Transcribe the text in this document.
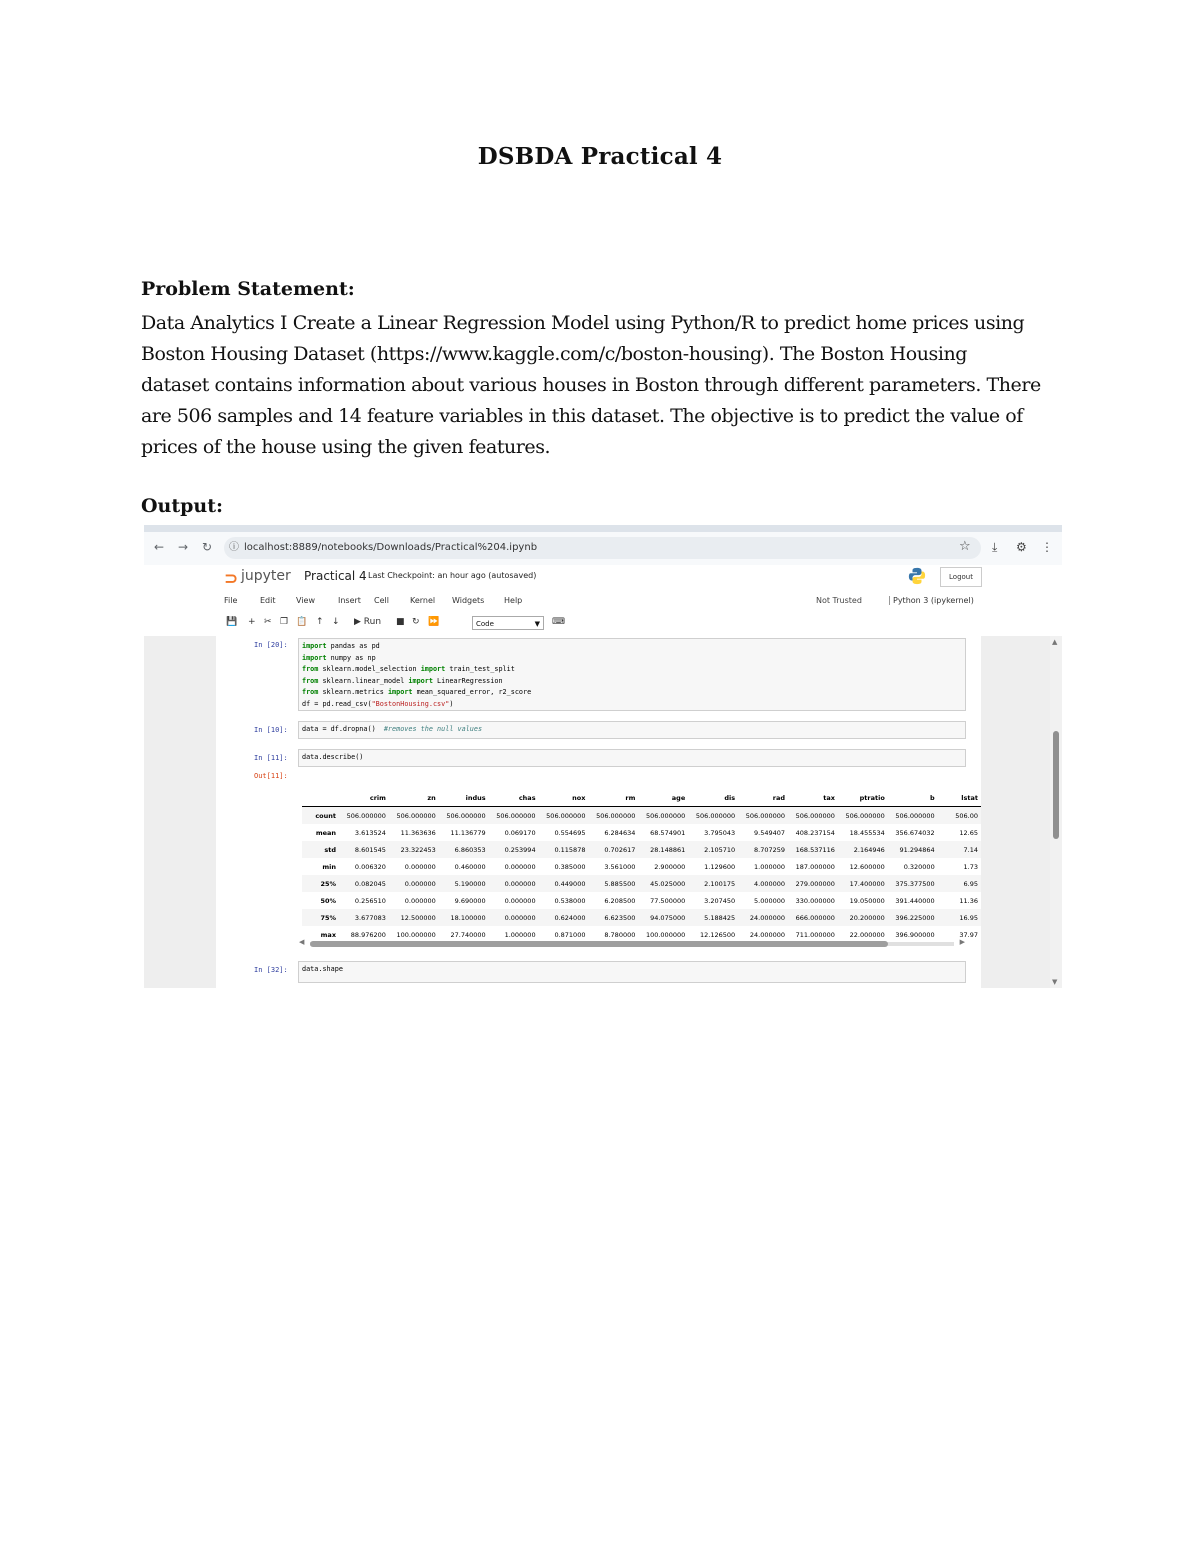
DSBDA Practical 4
Problem Statement:
Data Analytics I Create a Linear Regression Model using Python/R to predict home prices using
Boston Housing Dataset (https://www.kaggle.com/c/boston-housing). The Boston Housing
dataset contains information about various houses in Boston through different parameters. There
are 506 samples and 14 feature variables in this dataset. The objective is to predict the value of
prices of the house using the given features.
Output:
← → ↻ ⓘ localhost:8889/notebooks/Downloads/Practical%204.ipynb	☆ ⤓ ⚙ ⋮
⊃ jupyter Practical 4 Last Checkpoint: an hour ago (autosaved)	Logout
Not Trusted	Python 3 (ipykernel)
File	Edit	View	Insert Cell	Kernel Widgets Help
💾 + ✂ ❐ 📋 ↑ ↓ ▶ Run ■ ↻ ⏩	Code	▼ ⌨
In [20]: import pandas as pd
import numpy as np
from sklearn.model_selection import train_test_split
from sklearn.linear_model import LinearRegression
from sklearn.metrics import mean_squared_error, r2_score
df = pd.read_csv("BostonHousing.csv")
In [10]: data = df.dropna()  #removes the null values
In [11]: data.describe()
Out[11]:
	crim	zn	indus	chas	nox	rm	age	dis	rad	tax	ptratio	b	lstat
count	506.000000	506.000000	506.000000	506.000000	506.000000	506.000000	506.000000	506.000000	506.000000	506.000000	506.000000	506.000000	506.00
mean	3.613524	11.363636	11.136779	0.069170	0.554695	6.284634	68.574901	3.795043	9.549407	408.237154	18.455534	356.674032	12.65
std	8.601545	23.322453	6.860353	0.253994	0.115878	0.702617	28.148861	2.105710	8.707259	168.537116	2.164946	91.294864	7.14
min	0.006320	0.000000	0.460000	0.000000	0.385000	3.561000	2.900000	1.129600	1.000000	187.000000	12.600000	0.320000	1.73
25%	0.082045	0.000000	5.190000	0.000000	0.449000	5.885500	45.025000	2.100175	4.000000	279.000000	17.400000	375.377500	6.95
50%	0.256510	0.000000	9.690000	0.000000	0.538000	6.208500	77.500000	3.207450	5.000000	330.000000	19.050000	391.440000	11.36
75%	3.677083	12.500000	18.100000	0.000000	0.624000	6.623500	94.075000	5.188425	24.000000	666.000000	20.200000	396.225000	16.95
max	88.976200	100.000000	27.740000	1.000000	0.871000	8.780000	100.000000	12.126500	24.000000	711.000000	22.000000	396.900000	37.97
◀	▶
In [32]: data.shape
▲
▼
